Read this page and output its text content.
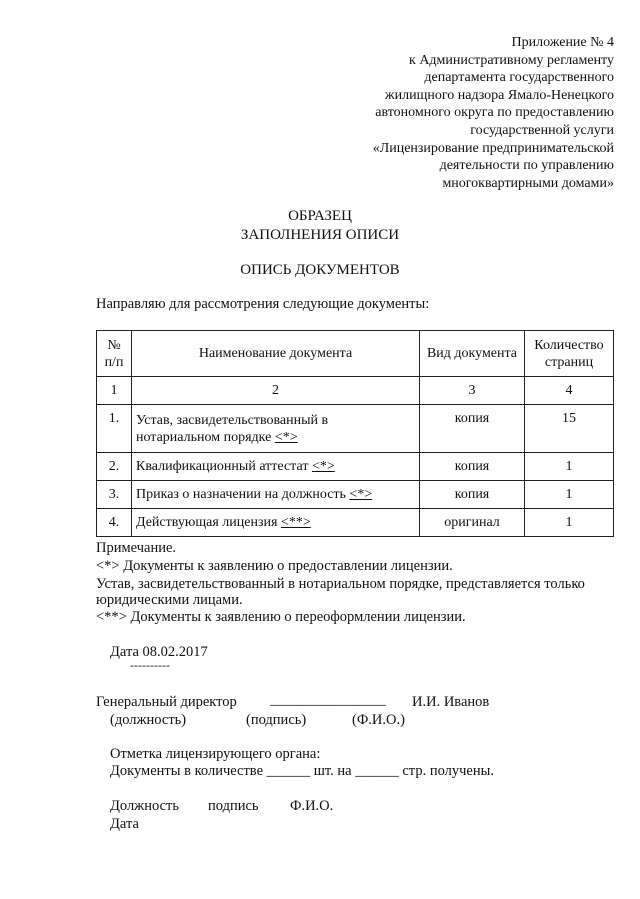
Приложение № 4
к Административному регламенту
департамента государственного
жилищного надзора Ямало-Ненецкого
автономного округа по предоставлению
государственной услуги
«Лицензирование предпринимательской
деятельности по управлению
многоквартирными домами»
ОБРАЗЕЦ
ЗАПОЛНЕНИЯ ОПИСИ
ОПИСЬ ДОКУМЕНТОВ
Направляю для рассмотрения следующие документы:
№ п/п	Наименование документа	Вид документа	Количество страниц
1	2	3	4
1.	Устав, засвидетельствованный в нотариальном порядке <*>	копия	15
2.	Квалификационный аттестат <*>	копия	1
3.	Приказ о назначении на должность <*>	копия	1
4.	Действующая лицензия <**>	оригинал	1
Примечание.
<*> Документы к заявлению о предоставлении лицензии.
Устав, засвидетельствованный в нотариальном порядке, представляется только
юридическими лицами.
<**> Документы к заявлению о переоформлении лицензии.
Дата 08.02.2017
----------
Генеральный директор ________________ И.И. Иванов
(должность)	(подпись)	(Ф.И.О.)
Отметка лицензирующего органа:
Документы в количестве ______ шт. на ______ стр. получены.
Должность подпись Ф.И.О.
Дата
